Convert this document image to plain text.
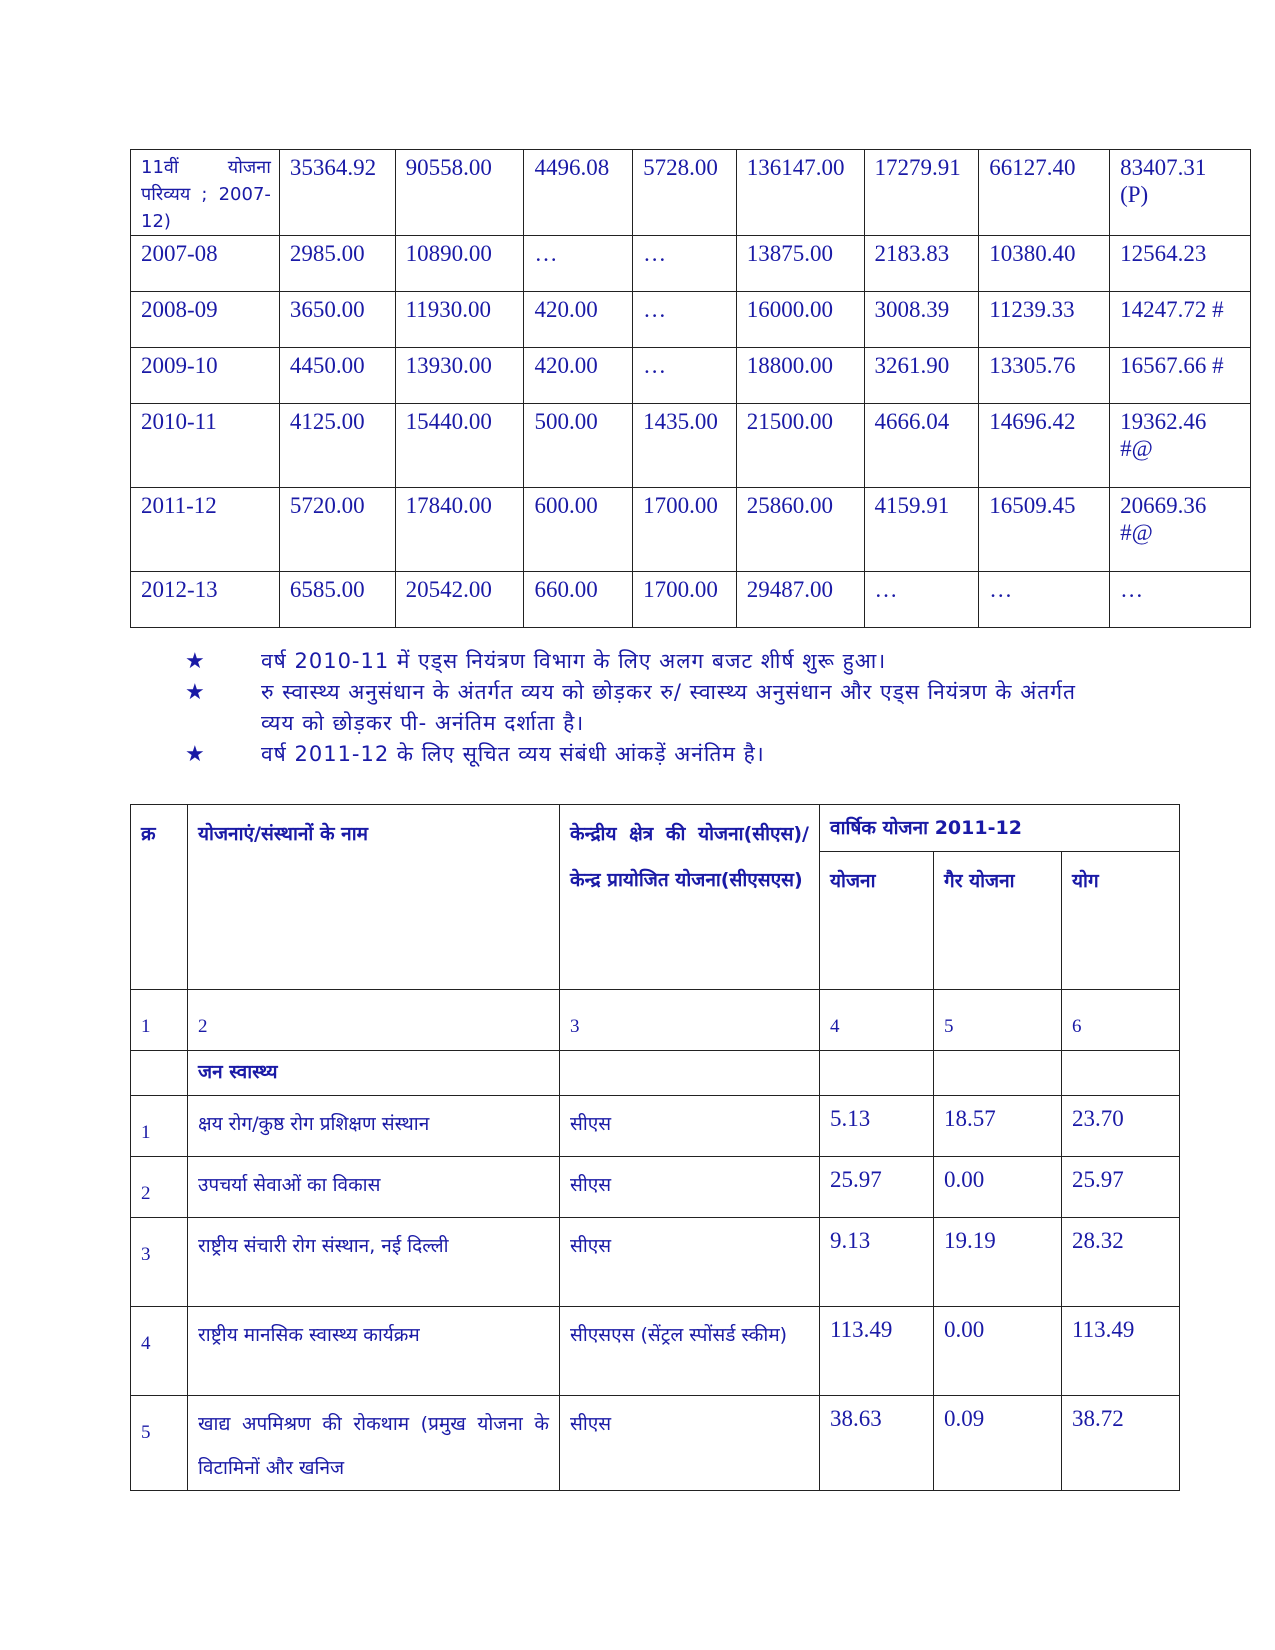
11वीं योजना परिव्यय ; 2007-12)	35364.92	90558.00	4496.08	5728.00	136147.00	17279.91	66127.40	83407.31 (P)
2007-08	2985.00	10890.00	…	…	13875.00	2183.83	10380.40	12564.23
2008-09	3650.00	11930.00	420.00	…	16000.00	3008.39	11239.33	14247.72 #
2009-10	4450.00	13930.00	420.00	…	18800.00	3261.90	13305.76	16567.66 #
2010-11	4125.00	15440.00	500.00	1435.00	21500.00	4666.04	14696.42	19362.46 #@
2011-12	5720.00	17840.00	600.00	1700.00	25860.00	4159.91	16509.45	20669.36 #@
2012-13	6585.00	20542.00	660.00	1700.00	29487.00	…	…	…
★	वर्ष 2010-11 में एड्स नियंत्रण विभाग के लिए अलग बजट शीर्ष शुरू हुआ।
★	रु स्वास्थ्य अनुसंधान के अंतर्गत व्यय को छोड़कर रु/ स्वास्थ्य अनुसंधान और एड्स नियंत्रण के अंतर्गत व्यय को छोड़कर पी- अनंतिम दर्शाता है।
★	वर्ष 2011-12 के लिए सूचित व्यय संबंधी आंकड़ें अनंतिम है।
क्र	योजनाएं/संस्थानों के नाम	केन्द्रीय क्षेत्र की योजना(सीएस)/केन्द्र प्रायोजित योजना(सीएसएस)	वार्षिक योजना 2011-12		
			योजना	गैर योजना	योग
1	2	3	4	5	6
	जन स्वास्थ्य				
1	क्षय रोग/कुष्ठ रोग प्रशिक्षण संस्थान	सीएस	5.13	18.57	23.70
2	उपचर्या सेवाओं का विकास	सीएस	25.97	0.00	25.97
3	राष्ट्रीय संचारी रोग संस्थान, नई दिल्ली	सीएस	9.13	19.19	28.32
4	राष्ट्रीय मानसिक स्वास्थ्य कार्यक्रम	सीएसएस (सेंट्रल स्पोंसर्ड स्कीम)	113.49	0.00	113.49
5	खाद्य अपमिश्रण की रोकथाम (प्रमुख योजना के विटामिनों और खनिज	सीएस	38.63	0.09	38.72
